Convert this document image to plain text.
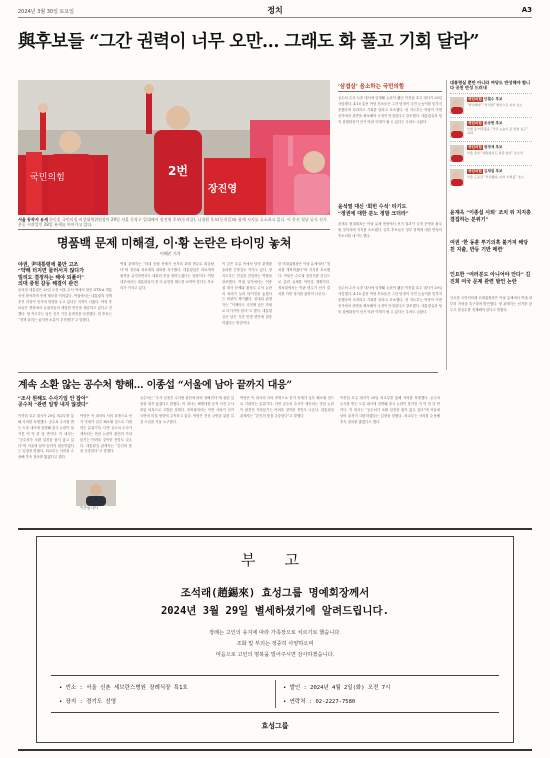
2024년 3월 30일 토요일	정치	A3
與후보들 “그간 권력이 너무 오만… 그래도 화 풀고 기회 달라”
국민의힘	2번
장진영
서울 동작서 유세 한동훈 국민의힘 비상대책위원장이 29일 서울 동작구 일대에서 장진영 후보(동작갑), 나경원 후보(동작을)와 함께 지지를 호소하고 있다. 이 총선 첫날 공식 선거운동 시작일인 28일 유세를 이어가고 있다.
명품백 문제 미해결, 이·황 논란은 타이밍 놓쳐
이해준 기자
야권, 尹대통령에 불만 고조
“약해 터지면 물러서지 않다가
밀리도 결정하는 해야 되풀이”
의대 증원 갈등 해결이 관건
윤석열 대통령은 29일 오전 서울 수서 역에서 열린 GTX-A 개통식에 참석하며 민생 행보를 이어갔다. 여권에서는 대통령의 정책 추진 과정이 선거에 영향을 주고 있다는 지적이 나왔다. 여당 후보들은 현장에서 유권자들의 냉담한 반응을 체감하고 있다고 전했다. 당 지도부는 남은 선거 기간 총력전을 다짐했다. 한 후보는 “정책 취지는 좋지만 소통이 부족했다”고 말했다.
여권 관계자는 “의대 증원 문제가 선거의 최대 변수로 떠올랐다”며 정부와 의료계의 대화를 촉구했다. 대통령실은 의료개혁 원칙을 유지하면서도 대화의 문을 열어두겠다는 입장이다. 여당 내부에서는 대통령실이 좀 더 유연한 태도를 보여야 한다는 목소리가 커지고 있다.
이 같은 흐름 속에서 당정 관계를 둘러싼 긴장감도 커지고 있다. 당 지도부는 민심을 전달하는 역할을 강조했다. 여권 일각에서는 이종섭 대사 문제와 황상무 수석 논란의 처리가 늦어 타이밍을 놓쳤다는 비판이 제기됐다. 선대위 관계자는 “이제라도 국민께 낮은 자세로 다가가야 한다”고 했다. 대통령실은 남은 기간 민생 현안에 집중하겠다는 방침이다.
한 비대위원장은 이날 유세에서 “정치를 개혁하겠다”며 지지를 호소했다. 여당은 수도권 접전지를 중심으로 총력 유세를 이어갈 계획이다. 정치권에서는 막판 변수가 선거 결과를 가를 것이란 관측이 나온다.
‘삼겹살’ 음소하는 국민의힘
공수처 수사 도중 대사에 임명돼 논란이 됐던 이종섭 호주 대사가 29일 사임했다. 4·10 총선 여당 후보들은 그간 당정이 국민 눈높이를 맞추지 못했다며 사과하고 기회를 달라고 호소했다. 당 지도부는 여당이 이번 선거에서 과반을 확보해야 국정이 안정된다고 강조했다. 대통령실과 당의 불협화음이 선거 막판 악재가 될 수 있다는 우려도 나왔다.
윤석열 대신 ‘회빈 수석’ 타기도
“정권에 대한 분노 정말 크더라”
윤재옥 원내대표는 이날 유세 현장에서 선거 결과가 국정 운영을 좌우할 것이라며 지지를 호소했다. 일부 후보들은 정부 정책에 대한 반성의 목소리를 내기도 했다.
윤재옥 “이종섭 사퇴’ 조치 뒤 지지층 결집하는 분위기”
여권 ‘한 동훈 투기의혹 불거져 해당 친 지출, 반등 기반 메련’
인요한 “여러분도 아니어야 안다” 김진희 여국 문제 관련 발언 논란
인요한 국민의미래 선대위원장은 이날 유세에서 여권 내부의 자성을 촉구하며 발언했다. 당 관계자는 선거를 앞두고 말실수를 경계해야 한다고 밝혔다.
공수처 수사 도중 대사에 임명돼 논란이 됐던 이종섭 호주 대사가 29일 사임했다. 4·10 총선 여당 후보들은 그간 당정이 국민 눈높이를 맞추지 못했다며 사과하고 기회를 달라고 호소했다. 당 지도부는 여당이 이번 선거에서 과반을 확보해야 국정이 안정된다고 강조했다. 대통령실과 당의 불협화음이 선거 막판 악재가 될 수 있다는 우려도 나왔다.
대통령실 뿐만 아니라 여당도 반성해야 합니다 공천 반성 드러내
국민의힘 안철수 후보
“반성해야” “부적절” 발언으로 지지 호소
국민의힘 윤상현 후보
인천 동·미추홀을 “국민 눈높이 못 맞춰 송구” 사과
국민의힘 권영세 후보
서울 용산 “대통령실도 잘못 있다” 쓴소리
국민의힘 김재섭 후보
서울 도봉갑 “부족했다, 다시 기회를” 호소
계속 소환 않는 공수처 향해… 이종섭 “서울에 남아 끝까지 대응”
“조사 원해도 수사기일 안 잡아”
공수처 “관련 일망 내지 않겠다”
이종섭 호주 대사가 29일 외교부를 통해 사의를 표명했다. 공수처 수사를 받는 도중 대사에 임명돼 출국 논란이 불거진 지 약 한 달 만이다. 이 대사는 “공수처가 소환 일정을 잡지 않고 있다”며 서울에 남아 끝까지 대응하겠다는 입장을 밝혔다. 외교부는 사의를 수용해 후속 절차를 밟겠다고 했다.
여당은 이 대사의 사의 표명으로 선거 악재가 일부 해소될 것으로 기대하는 분위기다. 다만 공수처 수사가 계속되는 만큼 논란이 완전히 가라앉기는 어려울 것이란 전망도 나온다. 대통령실 관계자는 “본인의 뜻을 존중한다”고 말했다.
공수처는 “수사 일정은 수사팀 판단에 따라 정해진다”며 관련 입장을 내지 않겠다고 밝혔다. 이 대사는 해병대원 순직 사건 수사 외압 의혹으로 고발된 상태다. 정치권에서는 이번 사퇴가 선거 국면에 미칠 영향에 주목하고 있다. 야당은 진상 규명을 위한 특검 도입을 거듭 요구했다.
여당은 이 대사의 사의 표명으로 선거 악재가 일부 해소될 것으로 기대하는 분위기다. 다만 공수처 수사가 계속되는 만큼 논란이 완전히 가라앉기는 어려울 것이란 전망도 나온다. 대통령실 관계자는 “본인의 뜻을 존중한다”고 말했다.
이종섭 호주 대사가 29일 외교부를 통해 사의를 표명했다. 공수처 수사를 받는 도중 대사에 임명돼 출국 논란이 불거진 지 약 한 달 만이다. 이 대사는 “공수처가 소환 일정을 잡지 않고 있다”며 서울에 남아 끝까지 대응하겠다는 입장을 밝혔다. 외교부는 사의를 수용해 후속 절차를 밟겠다고 했다.
이종섭 대사
부 고
조석래(趙錫來) 효성그룹 명예회장께서
2024년 3월 29일 별세하셨기에 알려드립니다.
장례는 고인의 유지에 따라 가족장으로 치르기로 했습니다.
조화 및 부의는 정중히 사양하오며
마음으로 고인의 명복을 빌어주시면 감사하겠습니다.
• 빈소 : 서울 신촌 세브란스병원 장례식장 특1호	• 발인 : 2024년 4월 2일(화) 오전 7시
• 장지 : 경기도 선영	• 연락처 : 02-2227-7580
효성그룹
